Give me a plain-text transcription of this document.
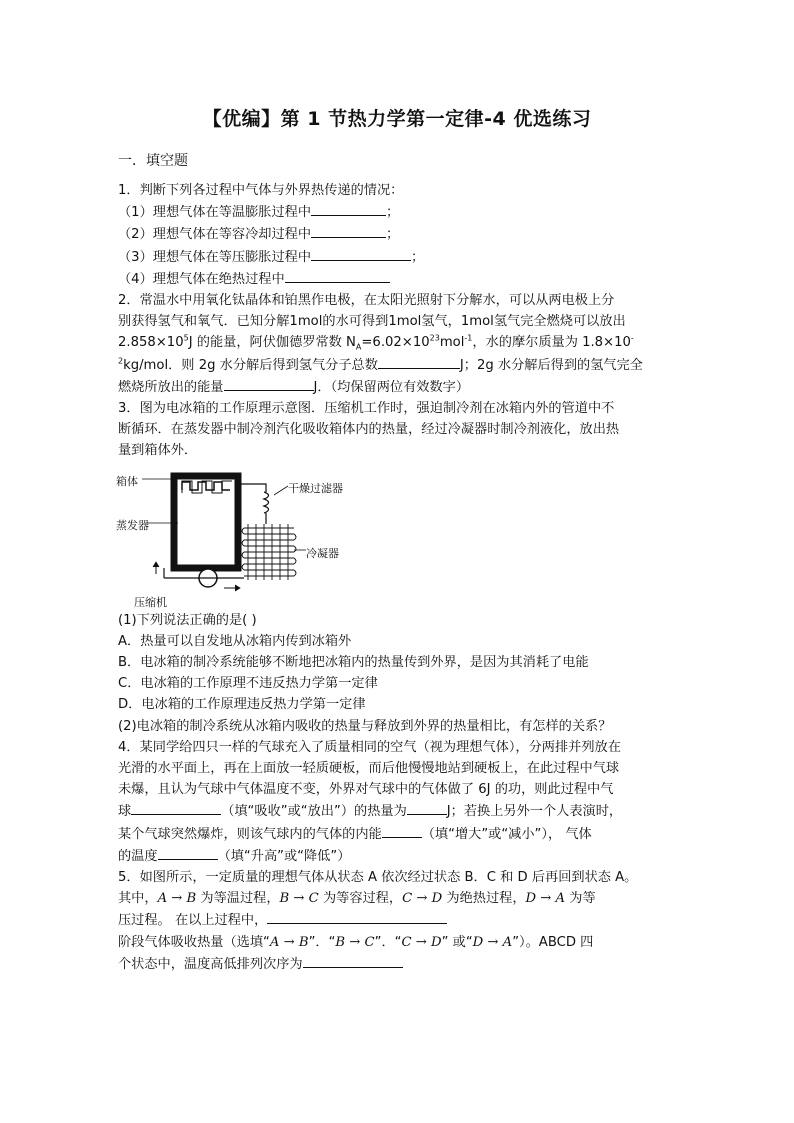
【优编】第 1 节热力学第一定律-4 优选练习
一．填空题

1．判断下列各过程中气体与外界热传递的情况：

（1）理想气体在等温膨胀过程中	；

（2）理想气体在等容冷却过程中	；

（3）理想气体在等压膨胀过程中	；

（4）理想气体在绝热过程中

2．常温水中用氧化钛晶体和铂黑作电极，在太阳光照射下分解水，可以从两电极上分

别获得氢气和氧气．已知分解1mol的水可得到1mol氢气，1mol氢气完全燃烧可以放出

$2.858\times 10^5J$ 的能量，阿伏伽德罗常数 $N_A=6.02\times 10^{23}mol^{-1}$，水的摩尔质量为 1.8×10-

$^2$kg/mol．则 2g 水分解后得到氢气分子总数	J；2g 水分解后得到的氢气完全

燃烧所放出的能量	J．（均保留两位有效数字）

3．图为电冰箱的工作原理示意图．压缩机工作时，强迫制冷剂在冰箱内外的管道中不

断循环．在蒸发器中制冷剂汽化吸收箱体内的热量，经过冷凝器时制冷剂液化，放出热

量到箱体外．

箱体
干燥过滤器
蒸发器
冷凝器
压缩机

(1)下列说法正确的是( )

A．热量可以自发地从冰箱内传到冰箱外

B．电冰箱的制冷系统能够不断地把冰箱内的热量传到外界，是因为其消耗了电能

C．电冰箱的工作原理不违反热力学第一定律

D．电冰箱的工作原理违反热力学第一定律

(2)电冰箱的制冷系统从冰箱内吸收的热量与释放到外界的热量相比，有怎样的关系？

4．某同学给四只一样的气球充入了质量相同的空气（视为理想气体），分两排并列放在

光滑的水平面上，再在上面放一轻质硬板，而后他慢慢地站到硬板上，在此过程中气球

未爆，且认为气球中气体温度不变，外界对气球中的气体做了 6J 的功，则此过程中气

球	（填“吸收”或“放出”）的热量为	J；若换上另外一个人表演时，

某个气球突然爆炸，则该气球内的气体的内能	（填“增大”或“减小”）， 气体

的温度	（填“升高”或“降低”）

5．如图所示，一定质量的理想气体从状态 A 依次经过状态 B．C 和 D 后再回到状态 A。

其中，A → B 为等温过程，B → C 为等容过程，C → D 为绝热过程，D → A 为等

压过程。 在以上过程中，

阶段气体吸收热量（选填“A → B”．“B → C”．“C → D” 或“D → A”）。ABCD 四

个状态中，温度高低排列次序为
